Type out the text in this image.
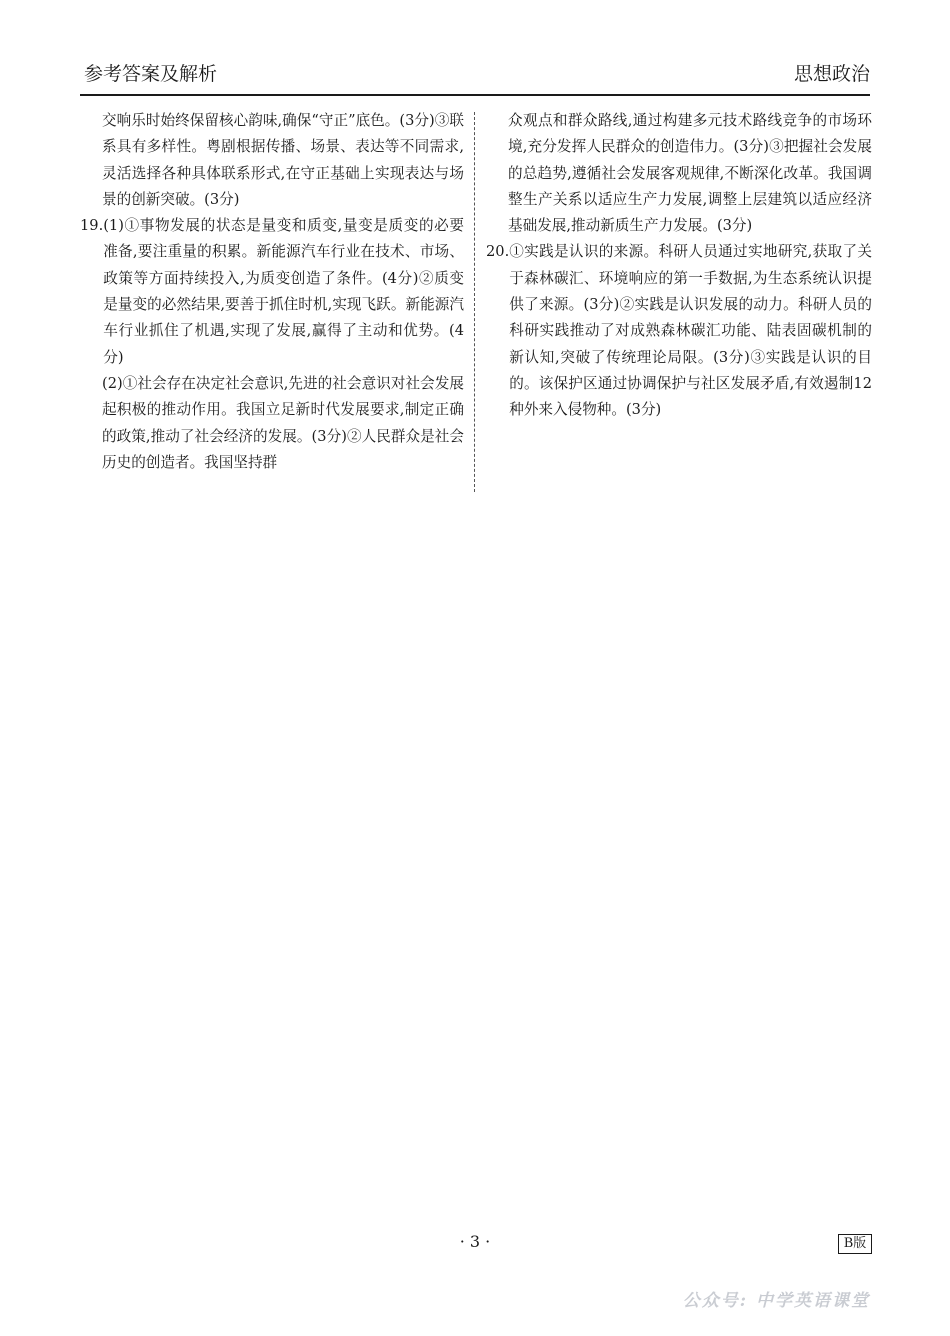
参考答案及解析	思想政治

交响乐时始终保留核心韵味,确保“守正”底色。(3分)③联系具有多样性。粤剧根据传播、场景、表达等不同需求,灵活选择各种具体联系形式,在守正基础上实现表达与场景的创新突破。(3分)

19. (1)①事物发展的状态是量变和质变,量变是质变的必要准备,要注重量的积累。新能源汽车行业在技术、市场、政策等方面持续投入,为质变创造了条件。(4分)②质变是量变的必然结果,要善于抓住时机,实现飞跃。新能源汽车行业抓住了机遇,实现了发展,赢得了主动和优势。(4分)

(2)①社会存在决定社会意识,先进的社会意识对社会发展起积极的推动作用。我国立足新时代发展要求,制定正确的政策,推动了社会经济的发展。(3分)②人民群众是社会历史的创造者。我国坚持群

众观点和群众路线,通过构建多元技术路线竞争的市场环境,充分发挥人民群众的创造伟力。(3分)③把握社会发展的总趋势,遵循社会发展客观规律,不断深化改革。我国调整生产关系以适应生产力发展,调整上层建筑以适应经济基础发展,推动新质生产力发展。(3分)

20. ①实践是认识的来源。科研人员通过实地研究,获取了关于森林碳汇、环境响应的第一手数据,为生态系统认识提供了来源。(3分)②实践是认识发展的动力。科研人员的科研实践推动了对成熟森林碳汇功能、陆表固碳机制的新认知,突破了传统理论局限。(3分)③实践是认识的目的。该保护区通过协调保护与社区发展矛盾,有效遏制12种外来入侵物种。(3分)
· 3 ·	B版
公众号: 中学英语课堂
